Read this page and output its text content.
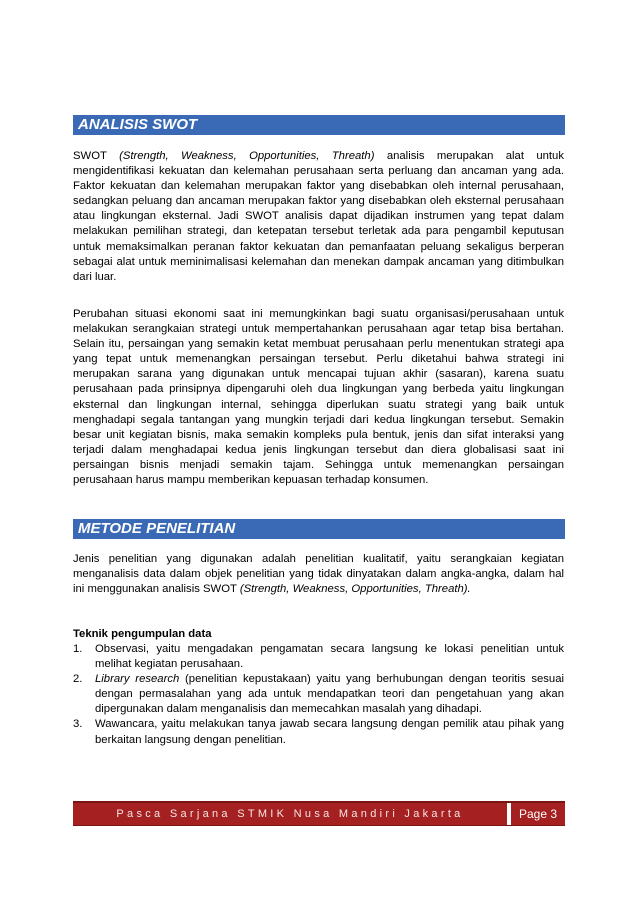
ANALISIS SWOT

SWOT (Strength, Weakness, Opportunities, Threath) analisis merupakan alat untuk mengidentifikasi kekuatan dan kelemahan perusahaan serta perluang dan ancaman yang ada. Faktor kekuatan dan kelemahan merupakan faktor yang disebabkan oleh internal perusahaan, sedangkan peluang dan ancaman merupakan faktor yang disebabkan oleh eksternal perusahaan atau lingkungan eksternal. Jadi SWOT analisis dapat dijadikan instrumen yang tepat dalam melakukan pemilihan strategi, dan ketepatan tersebut terletak ada para pengambil keputusan untuk memaksimalkan peranan faktor kekuatan dan pemanfaatan peluang sekaligus berperan sebagai alat untuk meminimalisasi kelemahan dan menekan dampak ancaman yang ditimbulkan dari luar.

Perubahan situasi ekonomi saat ini memungkinkan bagi suatu organisasi/perusahaan untuk melakukan serangkaian strategi untuk mempertahankan perusahaan agar tetap bisa bertahan. Selain itu, persaingan yang semakin ketat membuat perusahaan perlu menentukan strategi apa yang tepat untuk memenangkan persaingan tersebut. Perlu diketahui bahwa strategi ini merupakan sarana yang digunakan untuk mencapai tujuan akhir (sasaran), karena suatu perusahaan pada prinsipnya dipengaruhi oleh dua lingkungan yang berbeda yaitu lingkungan eksternal dan lingkungan internal, sehingga diperlukan suatu strategi yang baik untuk menghadapi segala tantangan yang mungkin terjadi dari kedua lingkungan tersebut. Semakin besar unit kegiatan bisnis, maka semakin kompleks pula bentuk, jenis dan sifat interaksi yang terjadi dalam menghadapai kedua jenis lingkungan tersebut dan diera globalisasi saat ini persaingan bisnis menjadi semakin tajam. Sehingga untuk memenangkan persaingan perusahaan harus mampu memberikan kepuasan terhadap konsumen.

METODE PENELITIAN

Jenis penelitian yang digunakan adalah penelitian kualitatif, yaitu serangkaian kegiatan menganalisis data dalam objek penelitian yang tidak dinyatakan dalam angka-angka, dalam hal ini menggunakan analisis SWOT (Strength, Weakness, Opportunities, Threath).

Teknik pengumpulan data
1. Observasi, yaitu mengadakan pengamatan secara langsung ke lokasi penelitian untuk melihat kegiatan perusahaan.
2. Library research (penelitian kepustakaan) yaitu yang berhubungan dengan teoritis sesuai dengan permasalahan yang ada untuk mendapatkan teori dan pengetahuan yang akan dipergunakan dalam menganalisis dan memecahkan masalah yang dihadapi.
3. Wawancara, yaitu melakukan tanya jawab secara langsung dengan pemilik atau pihak yang berkaitan langsung dengan penelitian.
Pasca Sarjana STMIK Nusa Mandiri Jakarta	Page 3
